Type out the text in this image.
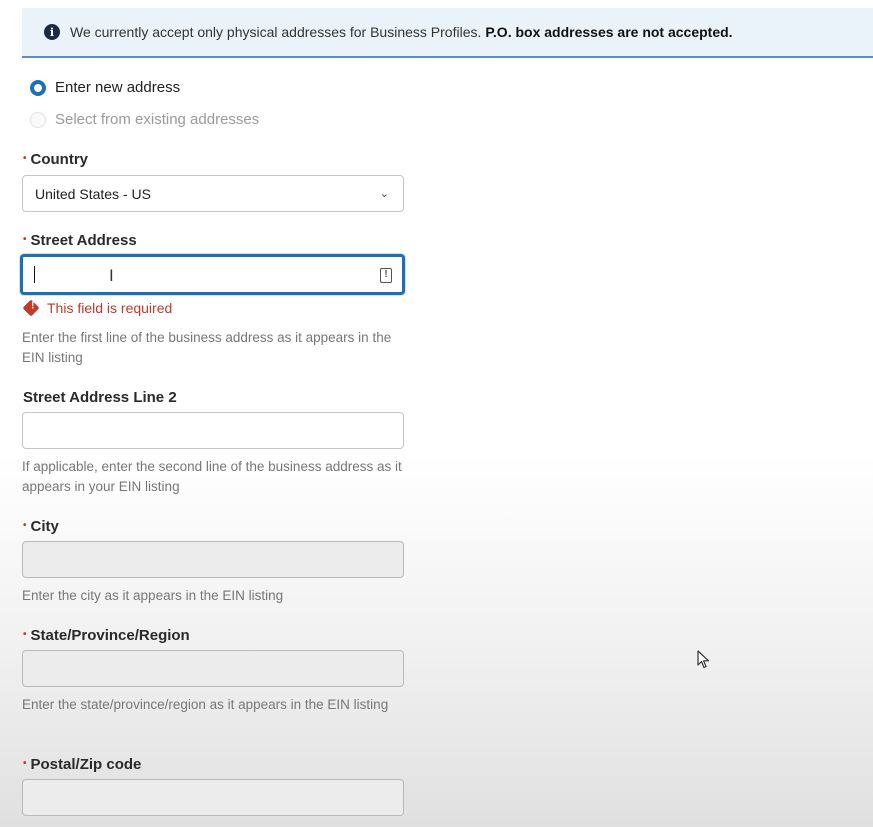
i	We currently accept only physical addresses for Business Profiles. P.O. box addresses are not accepted.
Enter new address
Select from existing addresses
• Country
United States - US	⌄
• Street Address
I	!
! This field is required
Enter the first line of the business address as it appears in the EIN listing
Street Address Line 2
If applicable, enter the second line of the business address as it appears in your EIN listing
• City
Enter the city as it appears in the EIN listing
• State/Province/Region
Enter the state/province/region as it appears in the EIN listing
• Postal/Zip code
